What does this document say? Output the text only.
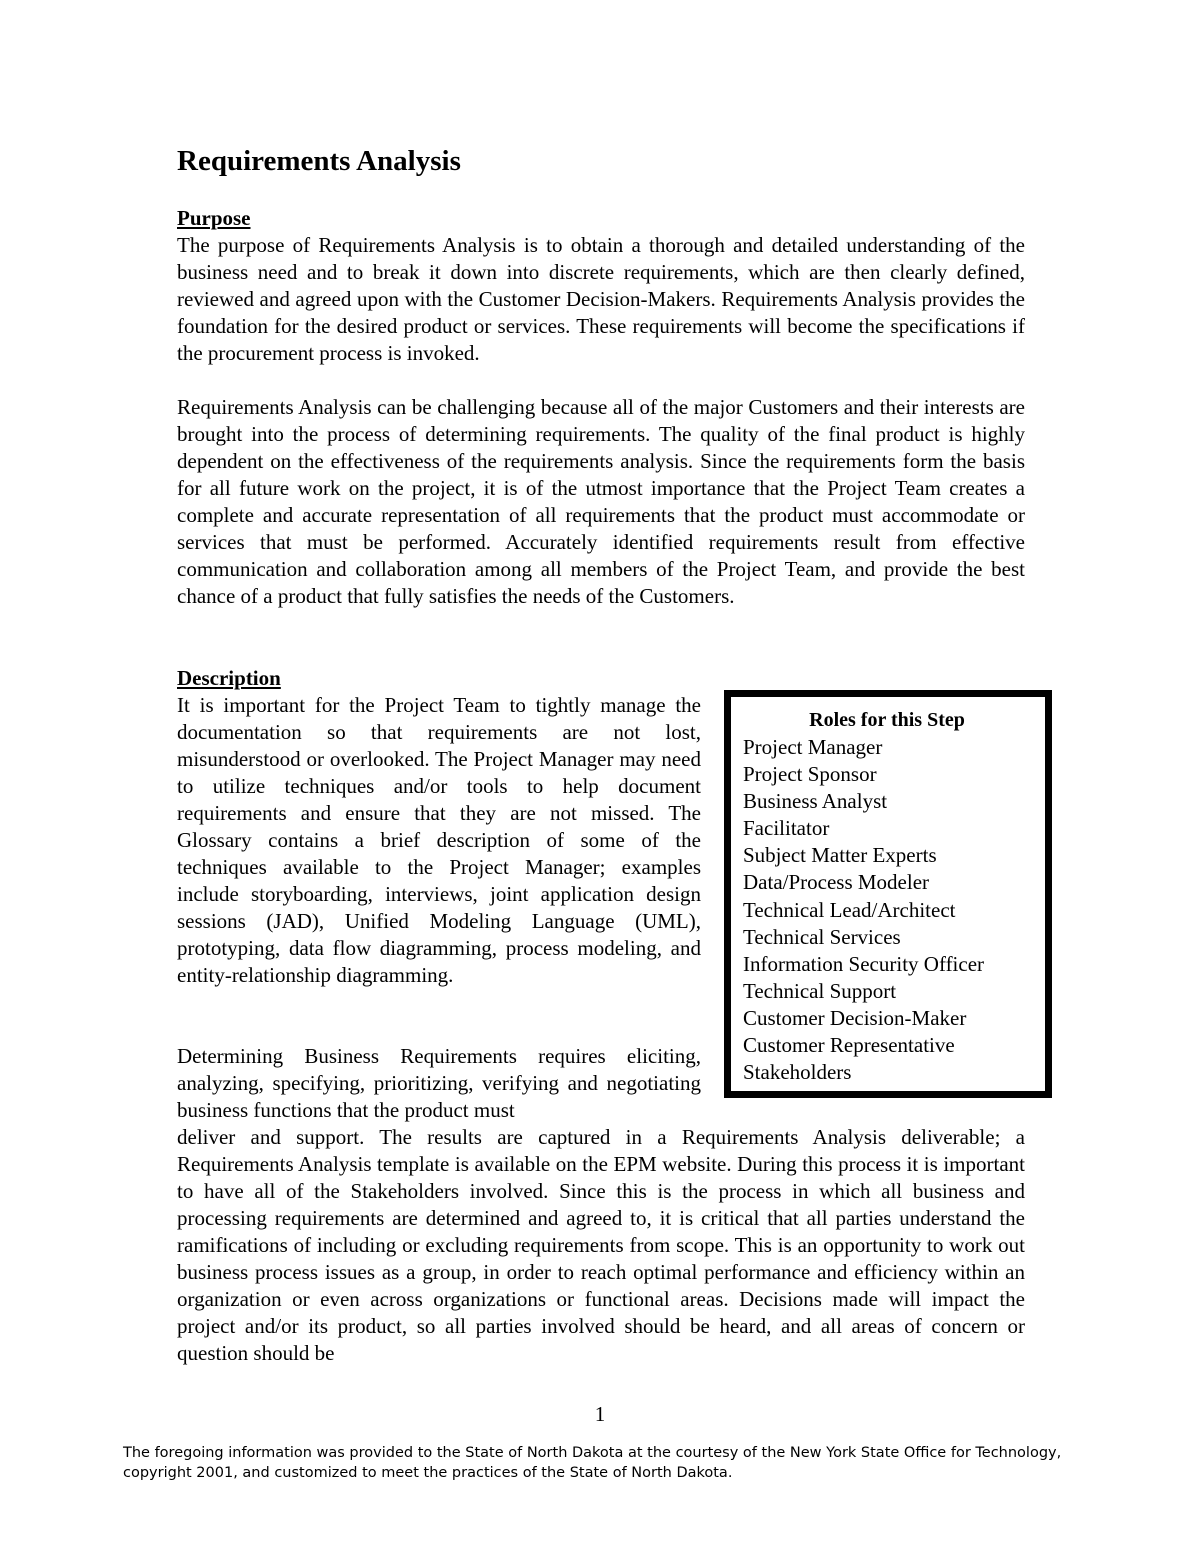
Requirements Analysis
Purpose

The purpose of Requirements Analysis is to obtain a thorough and detailed understanding of the business need and to break it down into discrete requirements, which are then clearly defined, reviewed and agreed upon with the Customer Decision-Makers. Requirements Analysis provides the foundation for the desired product or services. These requirements will become the specifications if the procurement process is invoked.

Requirements Analysis can be challenging because all of the major Customers and their interests are brought into the process of determining requirements. The quality of the final product is highly dependent on the effectiveness of the requirements analysis. Since the requirements form the basis for all future work on the project, it is of the utmost importance that the Project Team creates a complete and accurate representation of all requirements that the product must accommodate or services that must be performed. Accurately identified requirements result from effective communication and collaboration among all members of the Project Team, and provide the best chance of a product that fully satisfies the needs of the Customers.

Description

It is important for the Project Team to tightly manage the documentation so that requirements are not lost, misunderstood or overlooked. The Project Manager may need to utilize techniques and/or tools to help document requirements and ensure that they are not missed. The Glossary contains a brief description of some of the techniques available to the Project Manager; examples include storyboarding, interviews, joint application design sessions (JAD), Unified Modeling Language (UML), prototyping, data flow diagramming, process modeling, and entity-relationship diagramming.

Determining Business Requirements requires eliciting, analyzing, specifying, prioritizing, verifying and negotiating business functions that the product must

deliver and support. The results are captured in a Requirements Analysis deliverable; a Requirements Analysis template is available on the EPM website. During this process it is important to have all of the Stakeholders involved. Since this is the process in which all business and processing requirements are determined and agreed to, it is critical that all parties understand the ramifications of including or excluding requirements from scope. This is an opportunity to work out business process issues as a group, in order to reach optimal performance and efficiency within an organization or even across organizations or functional areas. Decisions made will impact the project and/or its product, so all parties involved should be heard, and all areas of concern or question should be

Roles for this Step

Project Manager
Project Sponsor
Business Analyst
Facilitator
Subject Matter Experts
Data/Process Modeler
Technical Lead/Architect
Technical Services
Information Security Officer
Technical Support
Customer Decision-Maker
Customer Representative
Stakeholders

1

The foregoing information was provided to the State of North Dakota at the courtesy of the New York State Office for Technology, copyright 2001, and customized to meet the practices of the State of North Dakota.
